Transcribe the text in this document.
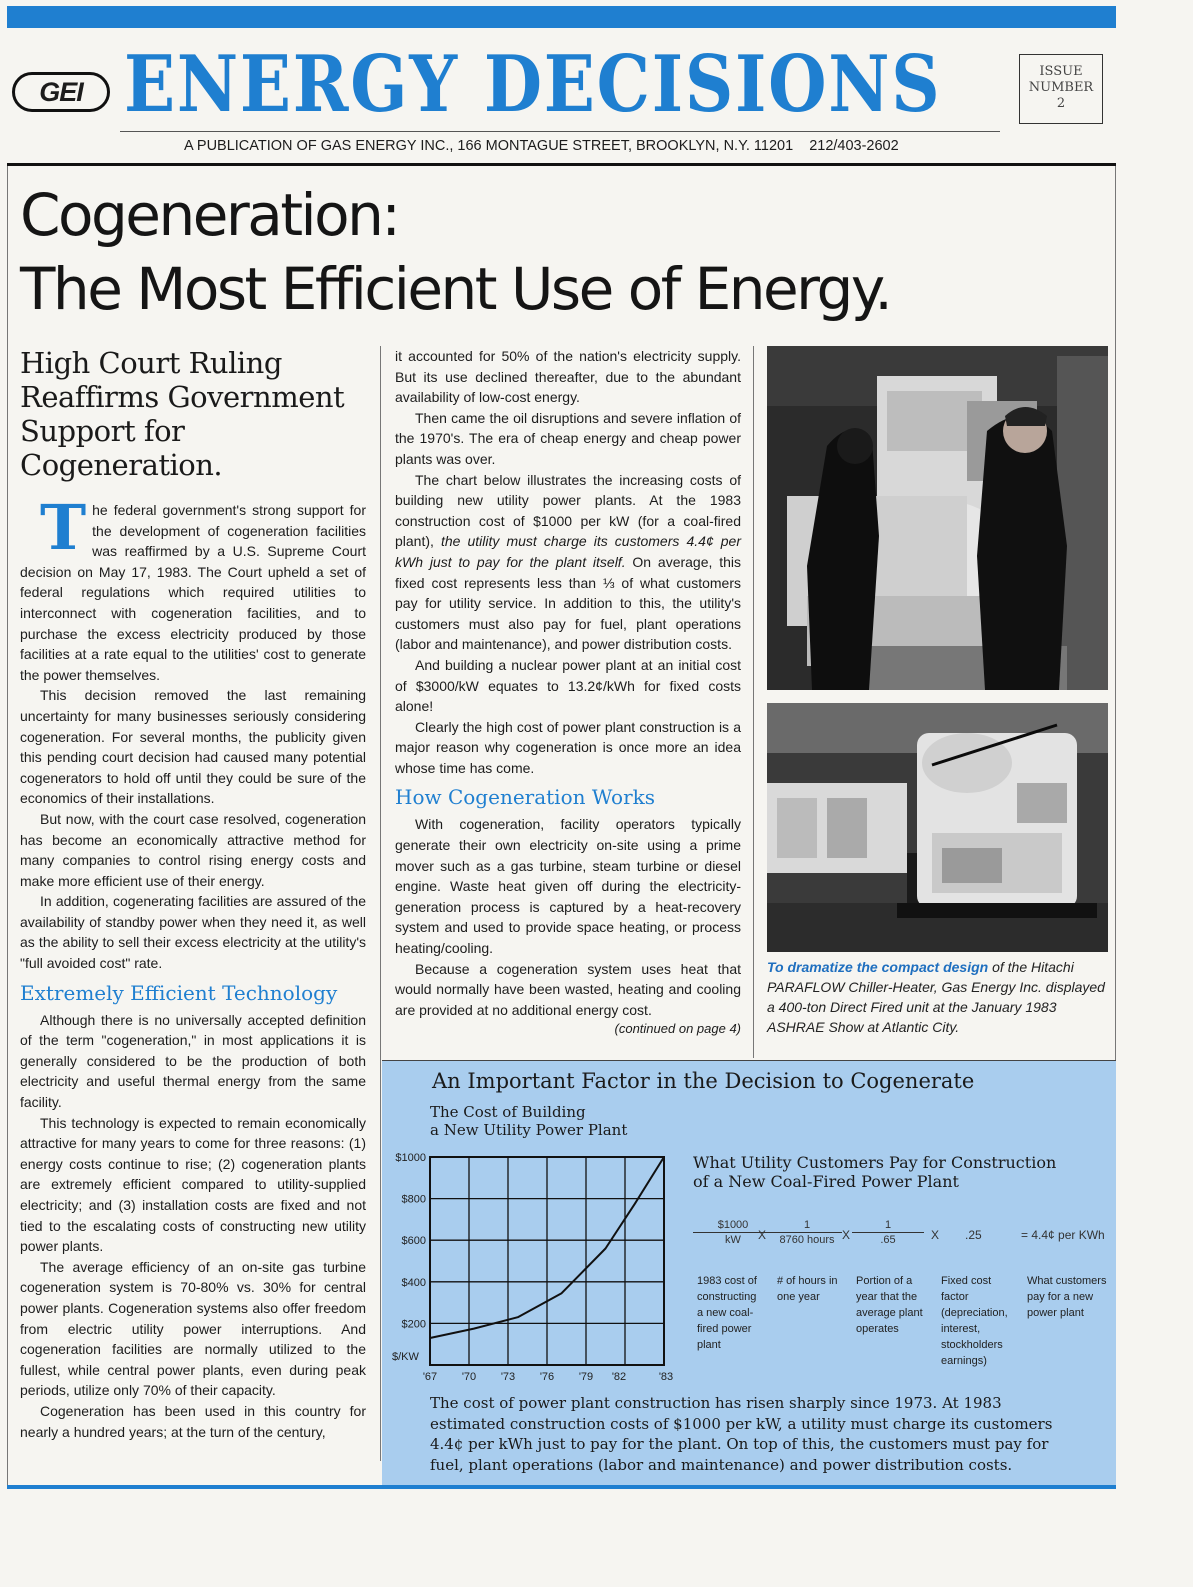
GEI ENERGY DECISIONS	ISSUE
NUMBER
2
A PUBLICATION OF GAS ENERGY INC., 166 MONTAGUE STREET, BROOKLYN, N.Y. 11201 212/403-2602
Cogeneration:
The Most Efficient Use of Energy.
High Court Ruling Reaffirms Government Support for Cogeneration.

The federal government's strong support for the development of cogeneration facilities was reaffirmed by a U.S. Supreme Court decision on May 17, 1983. The Court upheld a set of federal regulations which required utilities to interconnect with cogeneration facilities, and to purchase the excess electricity produced by those facilities at a rate equal to the utilities' cost to generate the power themselves.

This decision removed the last remaining uncertainty for many businesses seriously considering cogeneration. For several months, the publicity given this pending court decision had caused many potential cogenerators to hold off until they could be sure of the economics of their installations.

But now, with the court case resolved, cogeneration has become an economically attractive method for many companies to control rising energy costs and make more efficient use of their energy.

In addition, cogenerating facilities are assured of the availability of standby power when they need it, as well as the ability to sell their excess electricity at the utility's "full avoided cost" rate.

Extremely Efficient Technology

Although there is no universally accepted definition of the term "cogeneration," in most applications it is generally considered to be the production of both electricity and useful thermal energy from the same facility.

This technology is expected to remain economically attractive for many years to come for three reasons: (1) energy costs continue to rise; (2) cogeneration plants are extremely efficient compared to utility-supplied electricity; and (3) installation costs are fixed and not tied to the escalating costs of constructing new utility power plants.

The average efficiency of an on-site gas turbine cogeneration system is 70-80% vs. 30% for central power plants. Cogeneration systems also offer freedom from electric utility power interruptions. And cogeneration facilities are normally utilized to the fullest, while central power plants, even during peak periods, utilize only 70% of their capacity.

Cogeneration has been used in this country for nearly a hundred years; at the turn of the century,

it accounted for 50% of the nation's electricity supply. But its use declined thereafter, due to the abundant availability of low-cost energy.

Then came the oil disruptions and severe inflation of the 1970's. The era of cheap energy and cheap power plants was over.

The chart below illustrates the increasing costs of building new utility power plants. At the 1983 construction cost of $1000 per kW (for a coal-fired plant), the utility must charge its customers 4.4¢ per kWh just to pay for the plant itself. On average, this fixed cost represents less than ⅓ of what customers pay for utility service. In addition to this, the utility's customers must also pay for fuel, plant operations (labor and maintenance), and power distribution costs.

And building a nuclear power plant at an initial cost of $3000/kW equates to 13.2¢/kWh for fixed costs alone!

Clearly the high cost of power plant construction is a major reason why cogeneration is once more an idea whose time has come.

How Cogeneration Works

With cogeneration, facility operators typically generate their own electricity on-site using a prime mover such as a gas turbine, steam turbine or diesel engine. Waste heat given off during the electricity-generation process is captured by a heat-recovery system and used to provide space heating, or process heating/cooling.

Because a cogeneration system uses heat that would normally have been wasted, heating and cooling are provided at no additional energy cost.

(continued on page 4)
To dramatize the compact design of the Hitachi PARAFLOW Chiller-Heater, Gas Energy Inc. displayed a 400-ton Direct Fired unit at the January 1983 ASHRAE Show at Atlantic City.
An Important Factor in the Decision to Cogenerate
The Cost of Building
a New Utility Power Plant
$200
$400
$600
$800
$1000
'67 '70 '73 '76 '79 '82	'83
$/KW
What Utility Customers Pay for Construction
of a New Coal-Fired Power Plant
$\frac{\$1000}{kW}$
X
1
8760 hours X $\frac{1}{.65}$ X .25	= 4.4¢ per KWh
1983 cost of constructing a new coal-fired power plant
# of hours in one year
Portion of a year that the average plant operates
Fixed cost factor (depreciation, interest, stockholders earnings)
What customers pay for a new power plant
The cost of power plant construction has risen sharply since 1973. At 1983 estimated construction costs of $1000 per kW, a utility must charge its customers 4.4¢ per kWh just to pay for the plant. On top of this, the customers must pay for fuel, plant operations (labor and maintenance) and power distribution costs.
